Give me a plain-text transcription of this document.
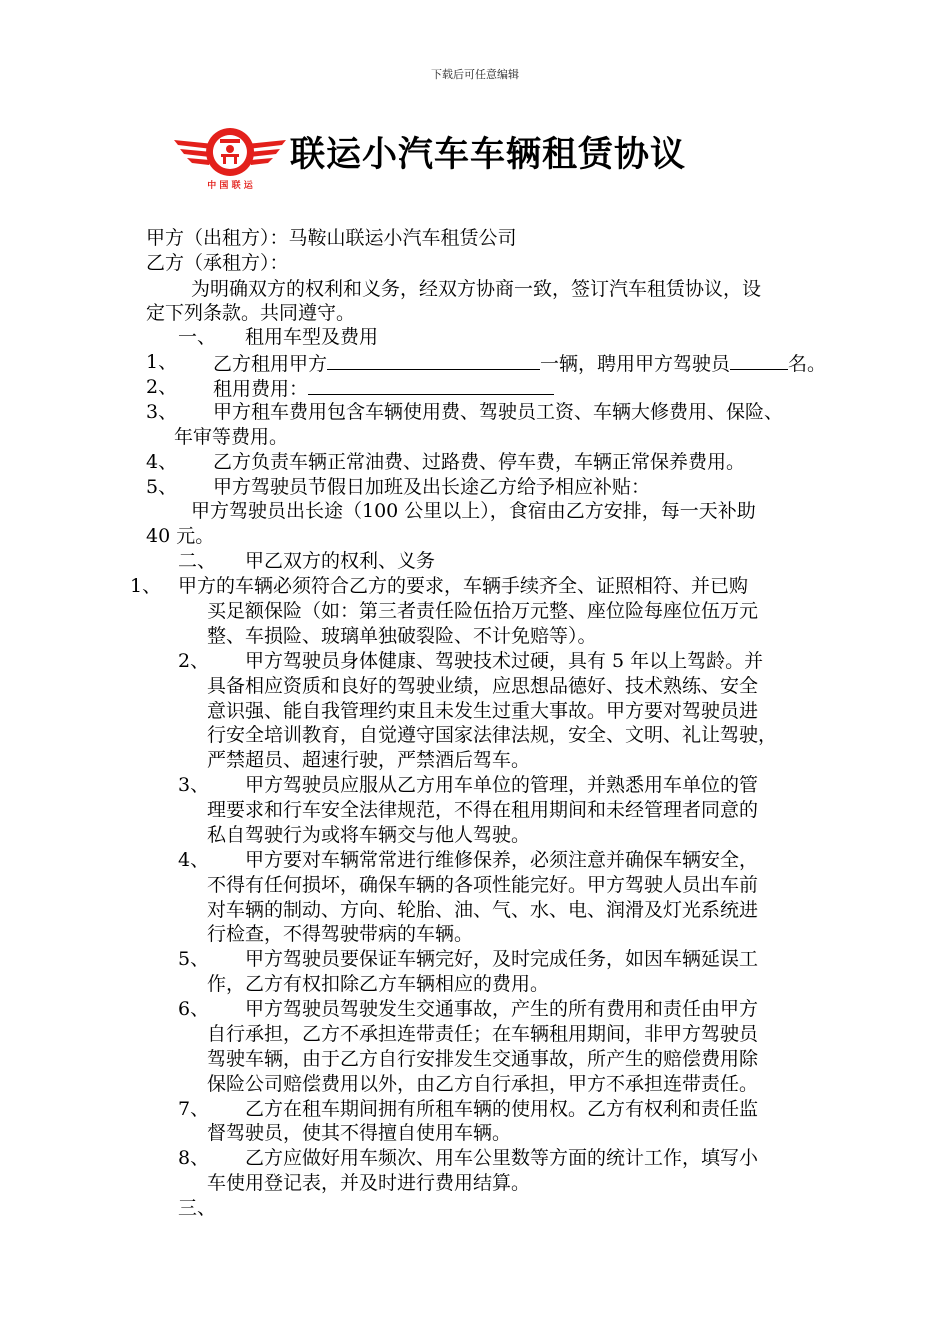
下载后可任意编辑
中 国 联 运
联运小汽车车辆租赁协议
甲方（出租方）：马鞍山联运小汽车租赁公司
乙方（承租方）：
为明确双方的权利和义务，经双方协商一致，签订汽车租赁协议，设
定下列条款。共同遵守。
一、 租用车型及费用
1、 乙方租用甲方	一辆，聘用甲方驾驶员	名。
2、 租用费用：
3、 甲方租车费用包含车辆使用费、驾驶员工资、车辆大修费用、保险、
年审等费用。
4、 乙方负责车辆正常油费、过路费、停车费，车辆正常保养费用。
5、 甲方驾驶员节假日加班及出长途乙方给予相应补贴：
甲方驾驶员出长途（100 公里以上），食宿由乙方安排，每一天补助
40 元。
二、 甲乙双方的权利、义务
1、 甲方的车辆必须符合乙方的要求，车辆手续齐全、证照相符、并已购
买足额保险（如：第三者责任险伍拾万元整、座位险每座位伍万元
整、车损险、玻璃单独破裂险、不计免赔等）。
2、 甲方驾驶员身体健康、驾驶技术过硬，具有 5 年以上驾龄。并
具备相应资质和良好的驾驶业绩，应思想品德好、技术熟练、安全
意识强、能自我管理约束且未发生过重大事故。甲方要对驾驶员进
行安全培训教育，自觉遵守国家法律法规，安全、文明、礼让驾驶，
严禁超员、超速行驶，严禁酒后驾车。
3、 甲方驾驶员应服从乙方用车单位的管理，并熟悉用车单位的管
理要求和行车安全法律规范，不得在租用期间和未经管理者同意的
私自驾驶行为或将车辆交与他人驾驶。
4、 甲方要对车辆常常进行维修保养，必须注意并确保车辆安全，
不得有任何损坏，确保车辆的各项性能完好。甲方驾驶人员出车前
对车辆的制动、方向、轮胎、油、气、水、电、润滑及灯光系统进
行检查，不得驾驶带病的车辆。
5、 甲方驾驶员要保证车辆完好，及时完成任务，如因车辆延误工
作，乙方有权扣除乙方车辆相应的费用。
6、 甲方驾驶员驾驶发生交通事故，产生的所有费用和责任由甲方
自行承担，乙方不承担连带责任；在车辆租用期间，非甲方驾驶员
驾驶车辆，由于乙方自行安排发生交通事故，所产生的赔偿费用除
保险公司赔偿费用以外，由乙方自行承担，甲方不承担连带责任。
7、 乙方在租车期间拥有所租车辆的使用权。乙方有权利和责任监
督驾驶员，使其不得擅自使用车辆。
8、 乙方应做好用车频次、用车公里数等方面的统计工作，填写小
车使用登记表，并及时进行费用结算。
三、
